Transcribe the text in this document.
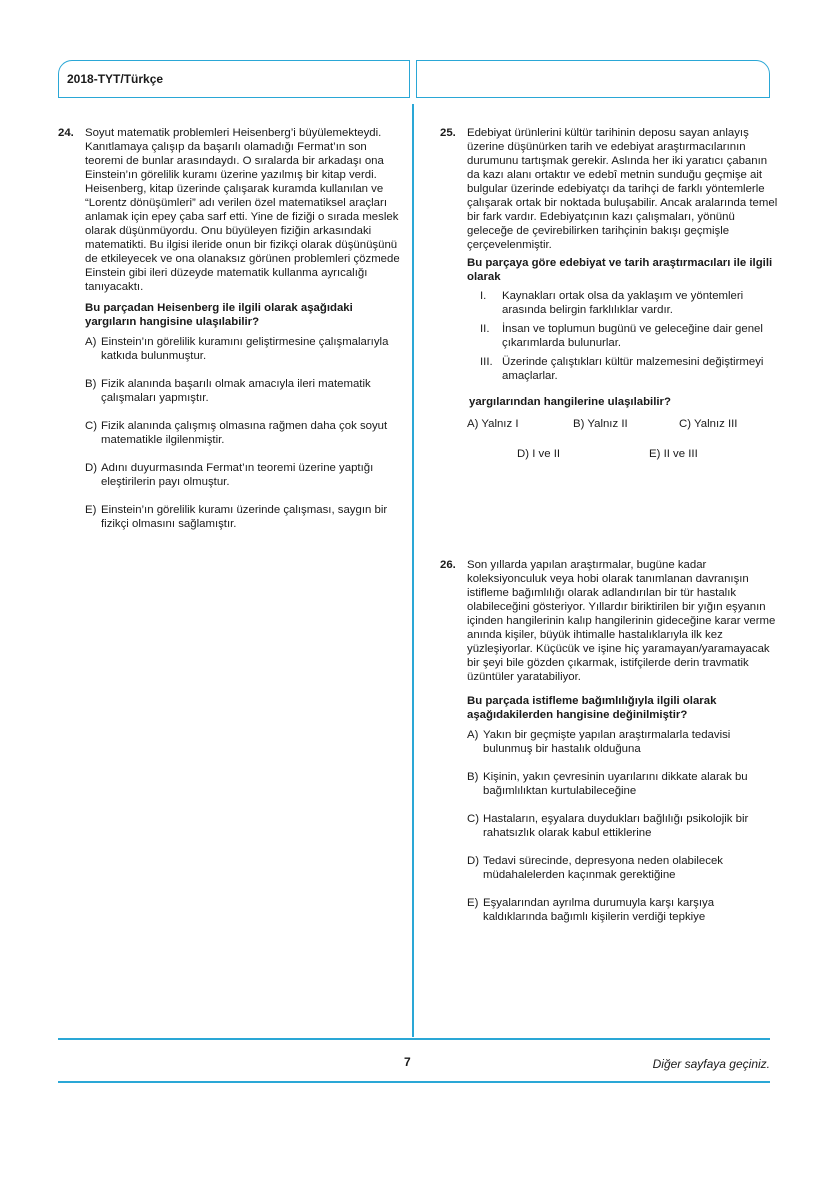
2018-TYT/Türkçe
24. Soyut matematik problemleri Heisenberg’i büyülemekteydi. Kanıtlamaya çalışıp da başarılı olamadığı Fermat’ın son teoremi de bunlar arasındaydı. O sıralarda bir arkadaşı ona Einstein’ın görelilik kuramı üzerine yazılmış bir kitap verdi. Heisenberg, kitap üzerinde çalışarak kuramda kullanılan ve “Lorentz dönüşümleri” adı verilen özel matematiksel araçları anlamak için epey çaba sarf etti. Yine de fiziği o sırada meslek olarak düşünmüyordu. Onu büyüleyen fiziğin arkasındaki matematikti. Bu ilgisi ileride onun bir fizikçi olarak düşünüşünü de etkileyecek ve ona olanaksız görünen problemleri çözmede Einstein gibi ileri düzeyde matematik kullanma ayrıcalığı tanıyacaktı.

Bu parçadan Heisenberg ile ilgili olarak aşağıdaki yargıların hangisine ulaşılabilir?

A) Einstein’ın görelilik kuramını geliştirmesine çalışmalarıyla katkıda bulunmuştur.
B) Fizik alanında başarılı olmak amacıyla ileri matematik çalışmaları yapmıştır.
C) Fizik alanında çalışmış olmasına rağmen daha çok soyut matematikle ilgilenmiştir.
D) Adını duyurmasında Fermat’ın teoremi üzerine yaptığı eleştirilerin payı olmuştur.
E) Einstein’ın görelilik kuramı üzerinde çalışması, saygın bir fizikçi olmasını sağlamıştır.
25. Edebiyat ürünlerini kültür tarihinin deposu sayan anlayış üzerine düşünürken tarih ve edebiyat araştırmacılarının durumunu tartışmak gerekir. Aslında her iki yaratıcı çabanın da kazı alanı ortaktır ve edebî metnin sunduğu geçmişe ait bulgular üzerinde edebiyatçı da tarihçi de farklı yöntemlerle çalışarak ortak bir noktada buluşabilir. Ancak aralarında temel bir fark vardır. Edebiyatçının kazı çalışmaları, yönünü geleceğe de çevirebilirken tarihçinin bakışı geçmişle çerçevelenmiştir.

Bu parçaya göre edebiyat ve tarih araştırmacıları ile ilgili olarak

I. Kaynakları ortak olsa da yaklaşım ve yöntemleri arasında belirgin farklılıklar vardır.
II. İnsan ve toplumun bugünü ve geleceğine dair genel çıkarımlarda bulunurlar.
III. Üzerinde çalıştıkları kültür malzemesini değiştirmeyi amaçlarlar.

yargılarından hangilerine ulaşılabilir?

A) Yalnız I	B) Yalnız II	C) Yalnız III
D) I ve II	E) II ve III
26. Son yıllarda yapılan araştırmalar, bugüne kadar koleksiyonculuk veya hobi olarak tanımlanan davranışın istifleme bağımlılığı olarak adlandırılan bir tür hastalık olabileceğini gösteriyor. Yıllardır biriktirilen bir yığın eşyanın içinden hangilerinin kalıp hangilerinin gideceğine karar verme anında kişiler, büyük ihtimalle hastalıklarıyla ilk kez yüzleşiyorlar. Küçücük ve işine hiç yaramayan/yaramayacak bir şeyi bile gözden çıkarmak, istifçilerde derin travmatik üzüntüler yaratabiliyor.

Bu parçada istifleme bağımlılığıyla ilgili olarak aşağıdakilerden hangisine değinilmiştir?

A) Yakın bir geçmişte yapılan araştırmalarla tedavisi bulunmuş bir hastalık olduğuna
B) Kişinin, yakın çevresinin uyarılarını dikkate alarak bu bağımlılıktan kurtulabileceğine
C) Hastaların, eşyalara duydukları bağlılığı psikolojik bir rahatsızlık olarak kabul ettiklerine
D) Tedavi sürecinde, depresyona neden olabilecek müdahalelerden kaçınmak gerektiğine
E) Eşyalarından ayrılma durumuyla karşı karşıya kaldıklarında bağımlı kişilerin verdiği tepkiye
7	Diğer sayfaya geçiniz.
